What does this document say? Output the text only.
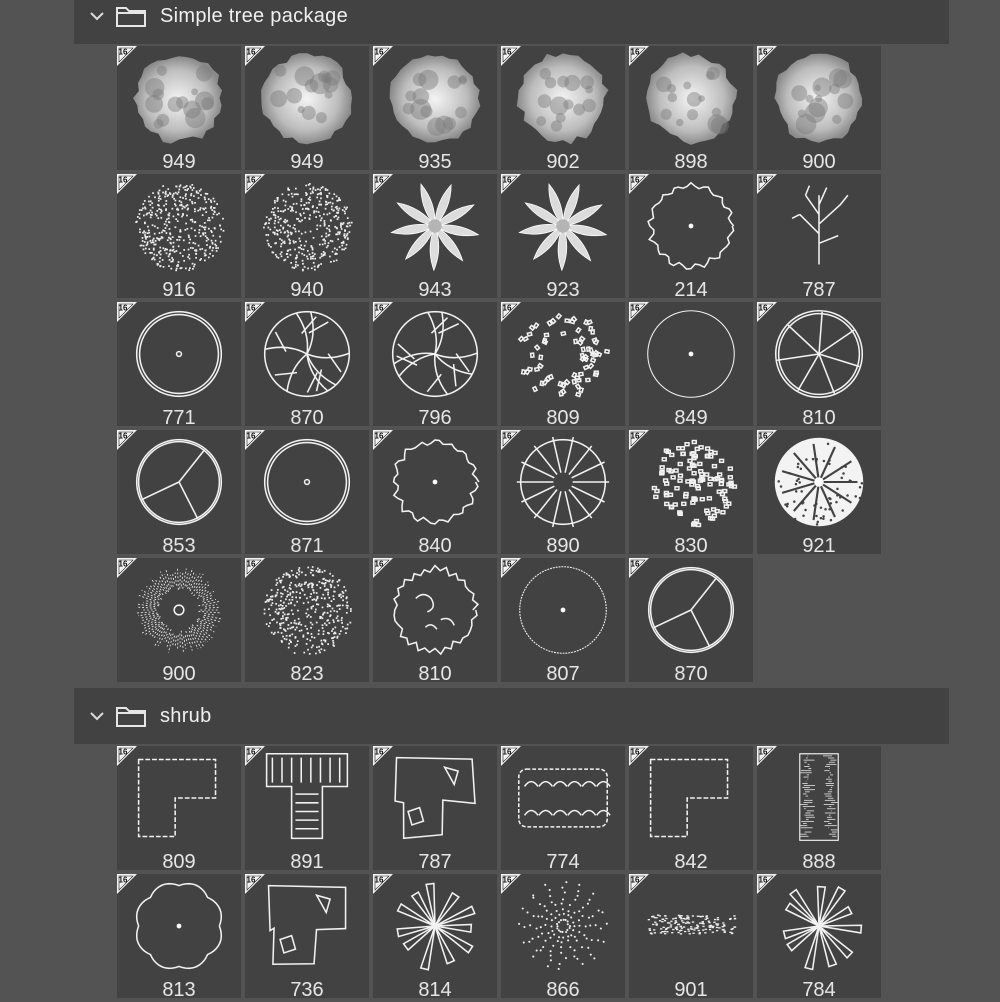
Simple tree package
16
949
16
949
16
935
16
902
16
898
16
900
16
916
16
940
16
943
16
923
16
214
16
787
16
771
16
870
16
796
16
809
16
849
16
810
16
853
16
871
16
840
16
890
16
830
16
921
16
900
16
823
16
810
16
807
16
870
shrub
16
809
16
891
16
787
16
774
16
842
16
888
16
813
16
736
16
814
16
866
16
901
16
784
